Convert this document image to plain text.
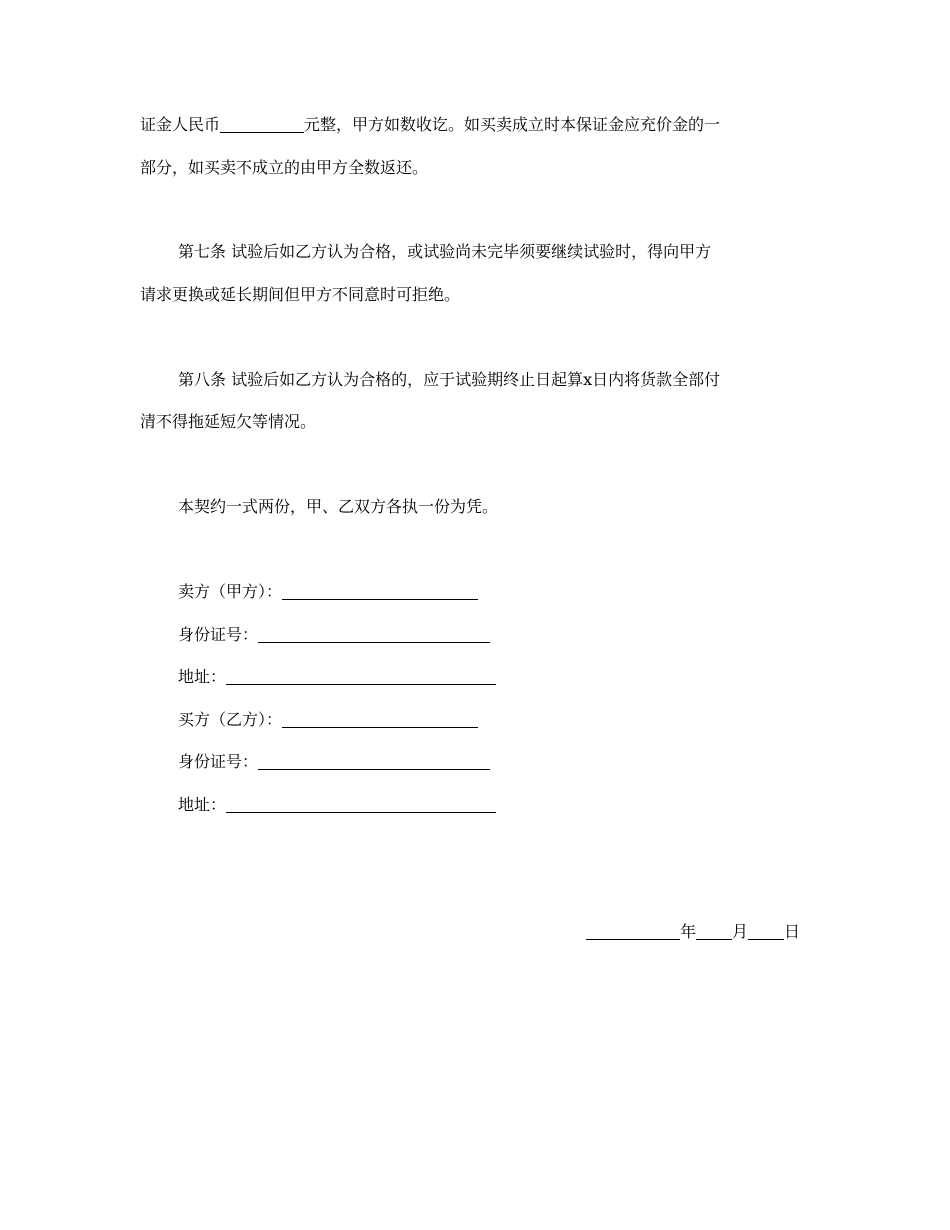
证金人民币	元整，甲方如数收讫。如买卖成立时本保证金应充价金的一
部分，如买卖不成立的由甲方全数返还。
第七条 试验后如乙方认为合格，或试验尚未完毕须要继续试验时，得向甲方
请求更换或延长期间但甲方不同意时可拒绝。
第八条 试验后如乙方认为合格的，应于试验期终止日起算x日内将货款全部付
清不得拖延短欠等情况。
本契约一式两份，甲、乙双方各执一份为凭。
卖方（甲方）：
身份证号：
地址：
买方（乙方）：
身份证号：
地址：
年 月 日
